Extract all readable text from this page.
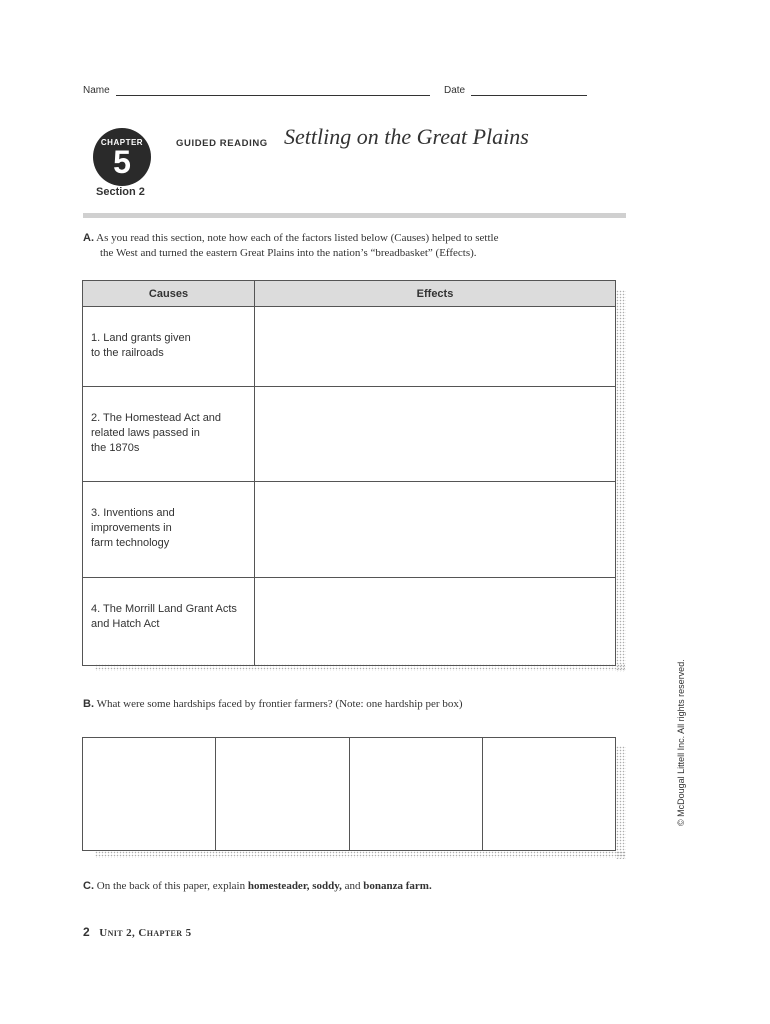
Name	Date
CHAPTER
5
GUIDED READING Settling on the Great Plains
Section 2
A. As you read this section, note how each of the factors listed below (Causes) helped to settle
the West and turned the eastern Great Plains into the nation’s “breadbasket” (Effects).
Causes	Effects

1. Land grants given
to the railroads	

2. The Homestead Act and
related laws passed in
the 1870s	

3. Inventions and
improvements in
farm technology	

4. The Morrill Land Grant Acts
and Hatch Act	

B. What were some hardships faced by frontier farmers? (Note: one hardship per box)
C. On the back of this paper, explain homesteader, soddy, and bonanza farm.
© McDougal Littell Inc. All rights reserved.
2 Unit 2, Chapter 5
